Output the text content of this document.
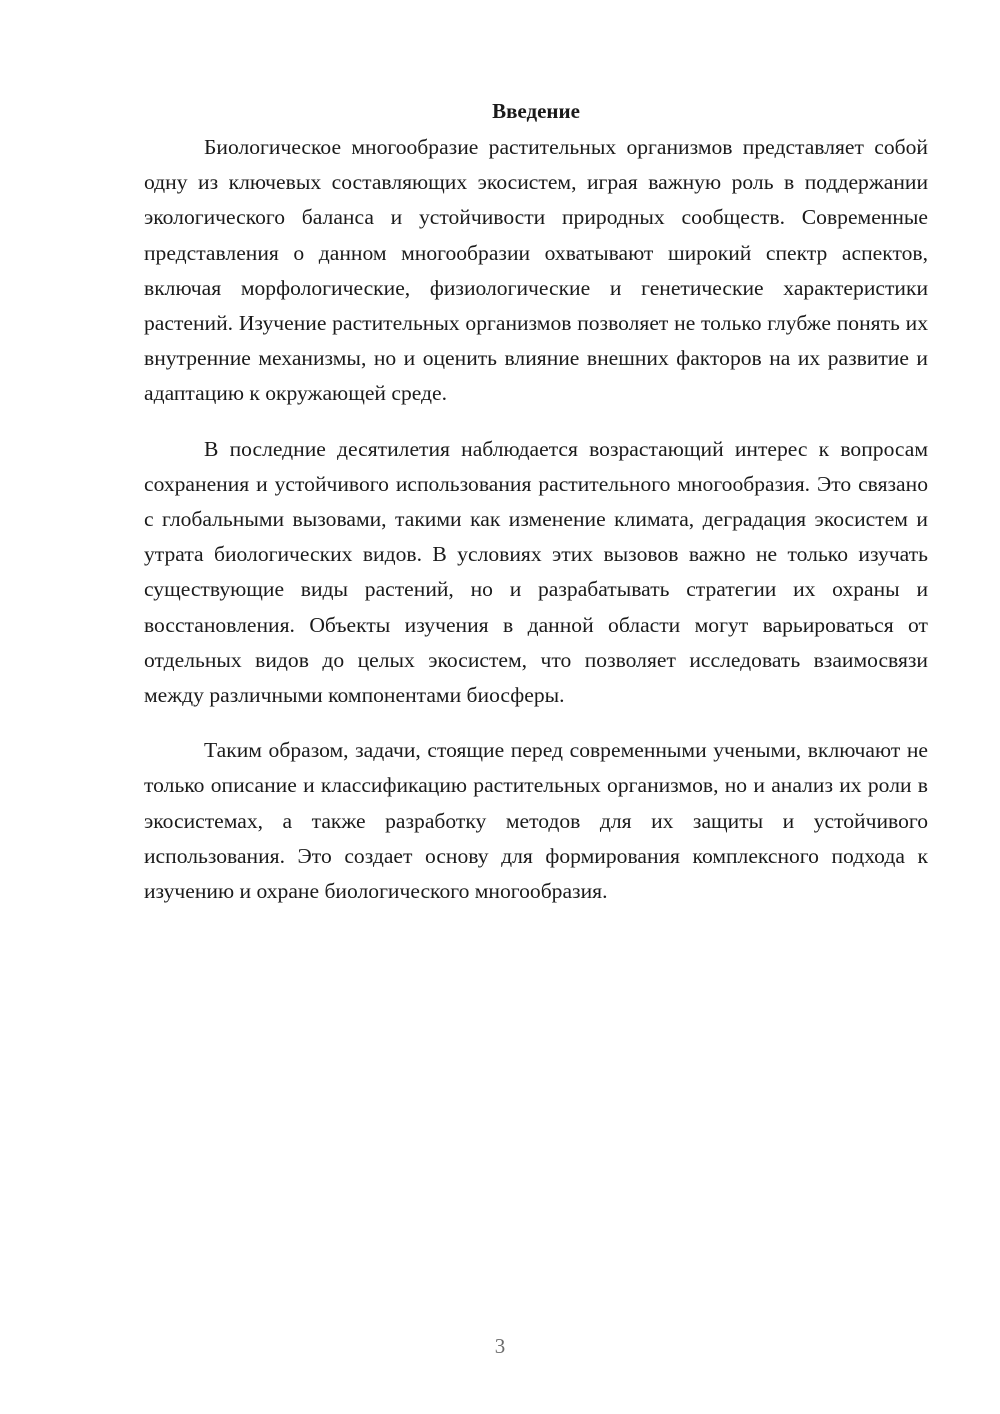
Введение

Биологическое многообразие растительных организмов представляет собой одну из ключевых составляющих экосистем, играя важную роль в поддержании экологического баланса и устойчивости природных сообществ. Современные представления о данном многообразии охватывают широкий спектр аспектов, включая морфологические, физиологические и генетические характеристики растений. Изучение растительных организмов позволяет не только глубже понять их внутренние механизмы, но и оценить влияние внешних факторов на их развитие и адаптацию к окружающей среде.

В последние десятилетия наблюдается возрастающий интерес к вопросам сохранения и устойчивого использования растительного многообразия. Это связано с глобальными вызовами, такими как изменение климата, деградация экосистем и утрата биологических видов. В условиях этих вызовов важно не только изучать существующие виды растений, но и разрабатывать стратегии их охраны и восстановления. Объекты изучения в данной области могут варьироваться от отдельных видов до целых экосистем, что позволяет исследовать взаимосвязи между различными компонентами биосферы.

Таким образом, задачи, стоящие перед современными учеными, включают не только описание и классификацию растительных организмов, но и анализ их роли в экосистемах, а также разработку методов для их защиты и устойчивого использования. Это создает основу для формирования комплексного подхода к изучению и охране биологического многообразия.

3
